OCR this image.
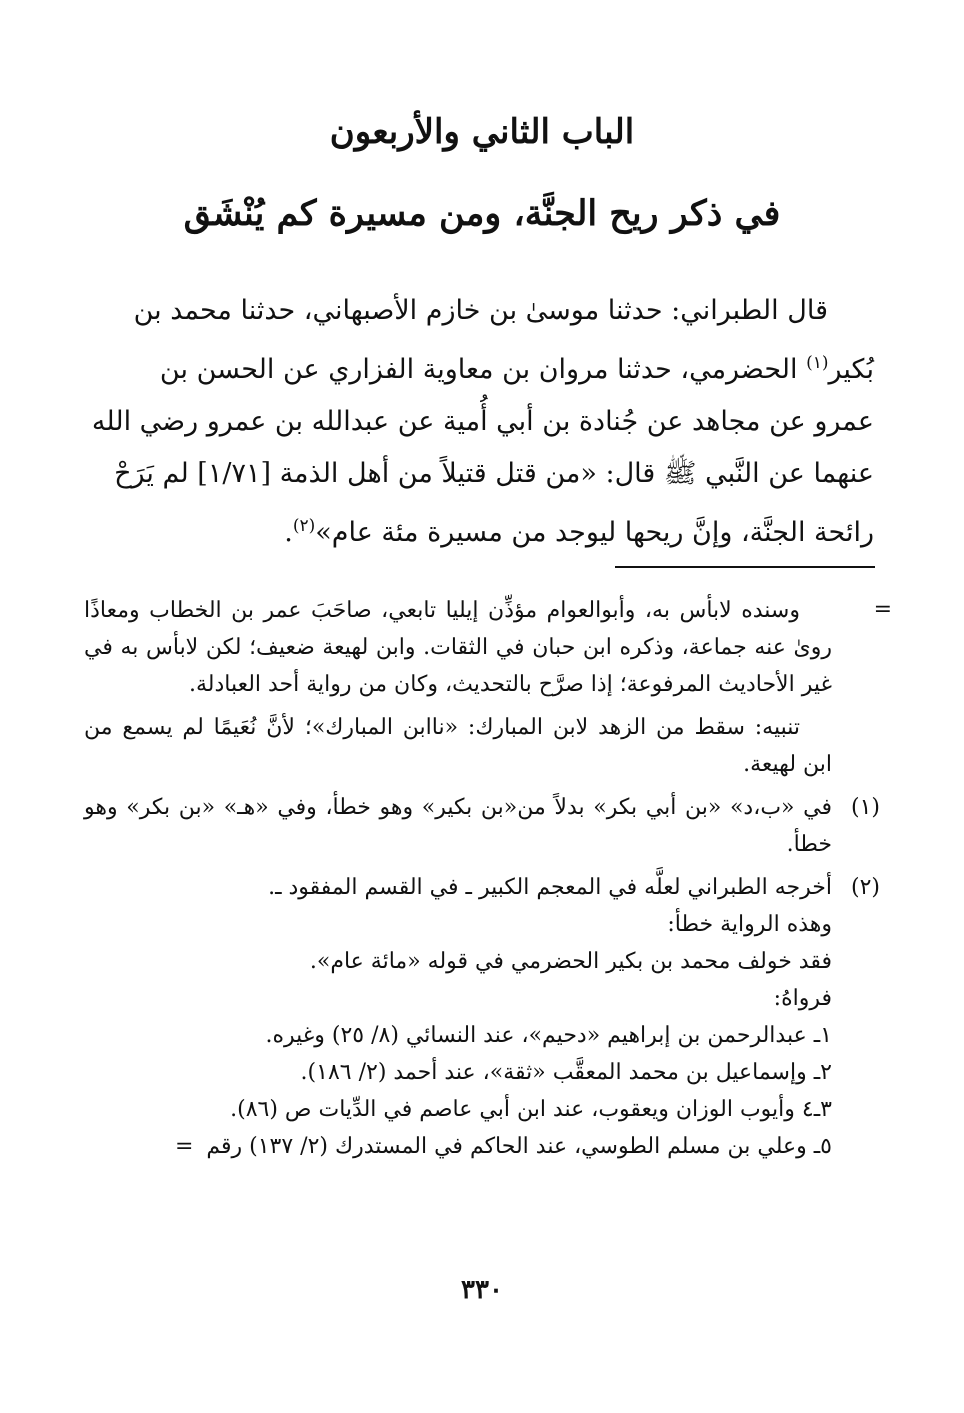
الباب الثاني والأربعون
في ذكر ريح الجنَّة، ومن مسيرة كم يُنْشَق

قال الطبراني: حدثنا موسىٰ بن خازم الأصبهاني، حدثنا محمد بن

بُكير$^{(١)}$ الحضرمي، حدثنا مروان بن معاوية الفزاري عن الحسن بن

عمرو عن مجاهد عن جُنادة بن أبي أُمية عن عبدالله بن عمرو رضي الله

عنهما عن النَّبي ﷺ قال: «من قتل قتيلاً من أهل الذمة [١/٧١] لم يَرَحْ

رائحة الجنَّة، وإنَّ ريحها ليوجد من مسيرة مئة عام»$^{(٢)}$.

=

وسنده لابأس به، وأبوالعوام مؤذِّن إيليا تابعي، صاحَبَ عمر بن الخطاب ومعاذًا روىٰ عنه جماعة، وذكره ابن حبان في الثقات. وابن لهيعة ضعيف؛ لكن لابأس به في غير الأحاديث المرفوعة؛ إذا صرَّح بالتحديث، وكان من رواية أحد العبادلة.

تنبيه: سقط من الزهد لابن المبارك: «ناابن المبارك»؛ لأنَّ نُعَيمًا لم يسمع من ابن لهيعة.

(١)
في «ب،د» «بن أبي بكر» بدلاً من«بن بكير» وهو خطأ، وفي «هـ» «بن بكر» وهو خطأ.
(٢)
أخرجه الطبراني لعلَّه في المعجم الكبير ـ في القسم المفقود ـ.
وهذه الرواية خطأ:
فقد خولف محمد بن بكير الحضرمي في قوله «مائة عام».
فرواهُ:
١ـ عبدالرحمن بن إبراهيم «دحيم»، عند النسائي (٨/ ٢٥) وغيره.
٢ـ وإسماعيل بن محمد المعقَّب «ثقة»، عند أحمد (٢/ ١٨٦).
٣ـ٤ وأيوب الوزان ويعقوب، عند ابن أبي عاصم في الدِّيات ص (٨٦).
٥ـ وعلي بن مسلم الطوسي، عند الحاكم في المستدرك (٢/ ١٣٧) رقم =
٣٣٠
